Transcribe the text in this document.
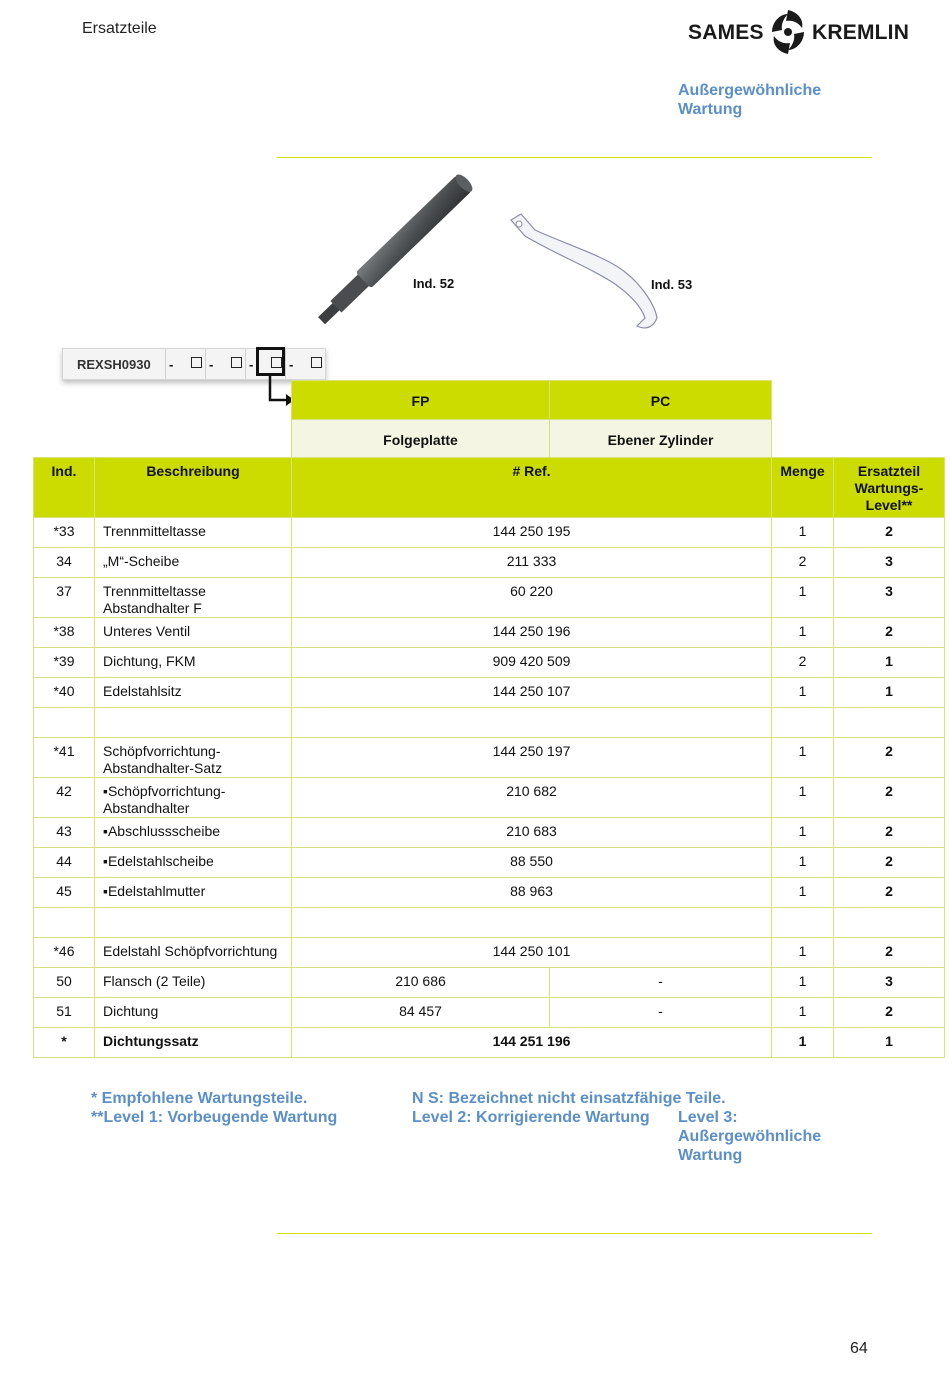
Ersatzteile	SAMES KREMLIN
Außergewöhnliche Wartung
Ind. 52	Ind. 53
REXSH0930 -	-	-	-
FP	PC
Folgeplatte	Ebener Zylinder
Ind.	Beschreibung	# Ref.		Menge	Ersatzteil Wartungs-Level**
*33	Trennmitteltasse	144 250 195		1	2
34	„M“-Scheibe	211 333		2	3
37	Trennmitteltasse Abstandhalter F	60 220		1	3
*38	Unteres Ventil	144 250 196		1	2
*39	Dichtung, FKM	909 420 509		2	1
*40	Edelstahlsitz	144 250 107		1	1

*41	Schöpfvorrichtung-Abstandhalter-Satz	144 250 197		1	2
42	▪Schöpfvorrichtung-Abstandhalter	210 682		1	2
43	▪Abschlussscheibe	210 683		1	2
44	▪Edelstahlscheibe	88 550		1	2
45	▪Edelstahlmutter	88 963		1	2

*46	Edelstahl Schöpfvorrichtung	144 250 101		1	2
50	Flansch (2 Teile)	210 686	-	1	3
51	Dichtung	84 457	-	1	2
*	Dichtungssatz	144 251 196		1	1
* Empfohlene Wartungsteile.	N S: Bezeichnet nicht einsatzfähige Teile.
**Level 1: Vorbeugende Wartung	Level 2: Korrigierende Wartung Level 3: Außergewöhnliche Wartung
64
